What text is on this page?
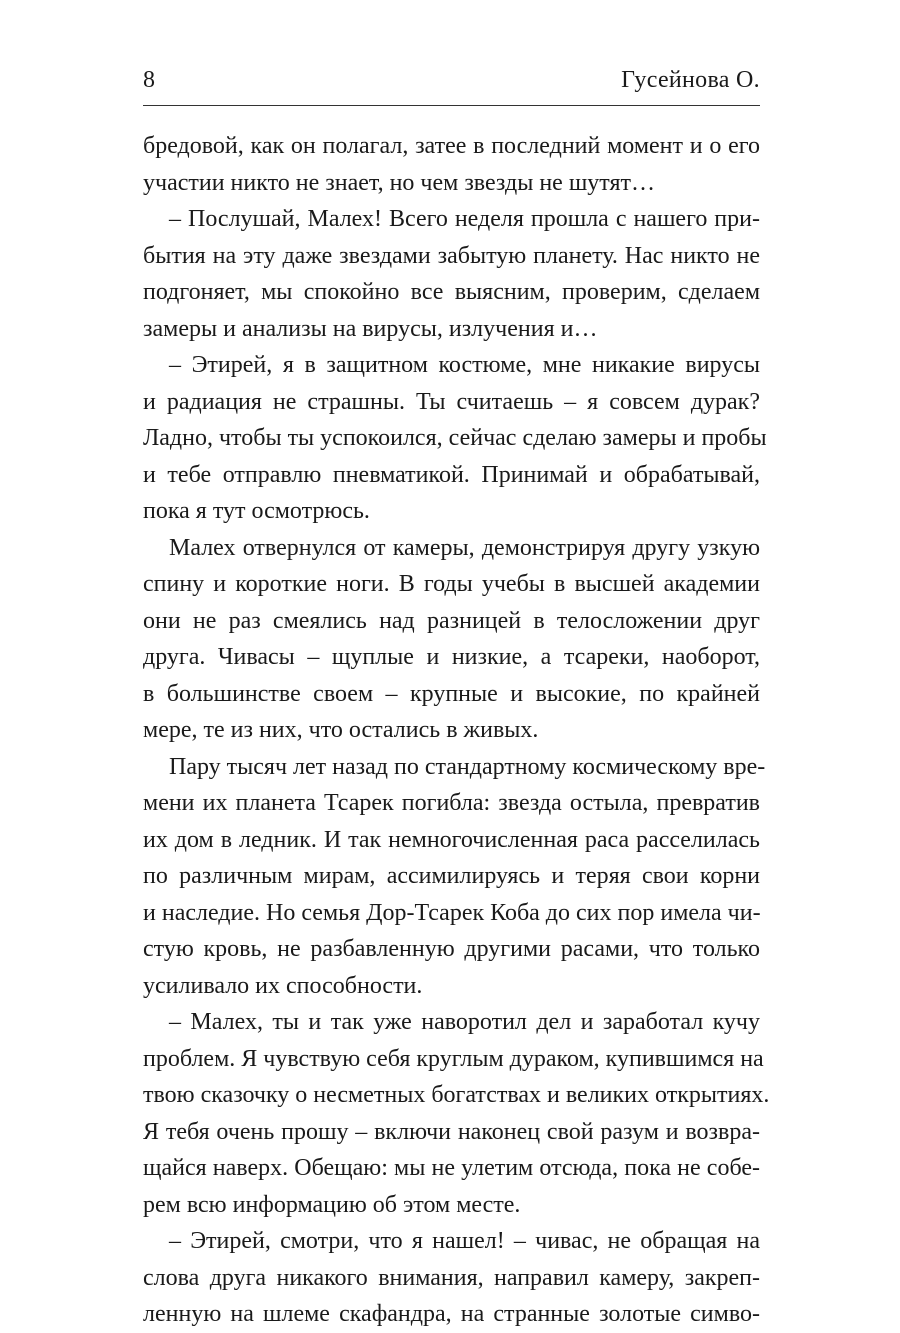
8	Гусейнова О.
бредовой, как он полагал, затее в последний момент и о его
участии никто не знает, но чем звезды не шутят…
– Послушай, Малех! Всего неделя прошла с нашего при-
бытия на эту даже звездами забытую планету. Нас никто не
подгоняет, мы спокойно все выясним, проверим, сделаем
замеры и анализы на вирусы, излучения и…
– Этирей, я в защитном костюме, мне никакие вирусы
и радиация не страшны. Ты считаешь – я совсем дурак?
Ладно, чтобы ты успокоился, сейчас сделаю замеры и пробы
и тебе отправлю пневматикой. Принимай и обрабатывай,
пока я тут осмотрюсь.
Малех отвернулся от камеры, демонстрируя другу узкую
спину и короткие ноги. В годы учебы в высшей академии
они не раз смеялись над разницей в телосложении друг
друга. Чивасы – щуплые и низкие, а тсареки, наоборот,
в большинстве своем – крупные и высокие, по крайней
мере, те из них, что остались в живых.
Пару тысяч лет назад по стандартному космическому вре-
мени их планета Тсарек погибла: звезда остыла, превратив
их дом в ледник. И так немногочисленная раса расселилась
по различным мирам, ассимилируясь и теряя свои корни
и наследие. Но семья Дор-Тсарек Коба до сих пор имела чи-
стую кровь, не разбавленную другими расами, что только
усиливало их способности.
– Малех, ты и так уже наворотил дел и заработал кучу
проблем. Я чувствую себя круглым дураком, купившимся на
твою сказочку о несметных богатствах и великих открытиях.
Я тебя очень прошу – включи наконец свой разум и возвра-
щайся наверх. Обещаю: мы не улетим отсюда, пока не собе-
рем всю информацию об этом месте.
– Этирей, смотри, что я нашел! – чивас, не обращая на
слова друга никакого внимания, направил камеру, закреп-
ленную на шлеме скафандра, на странные золотые симво-
